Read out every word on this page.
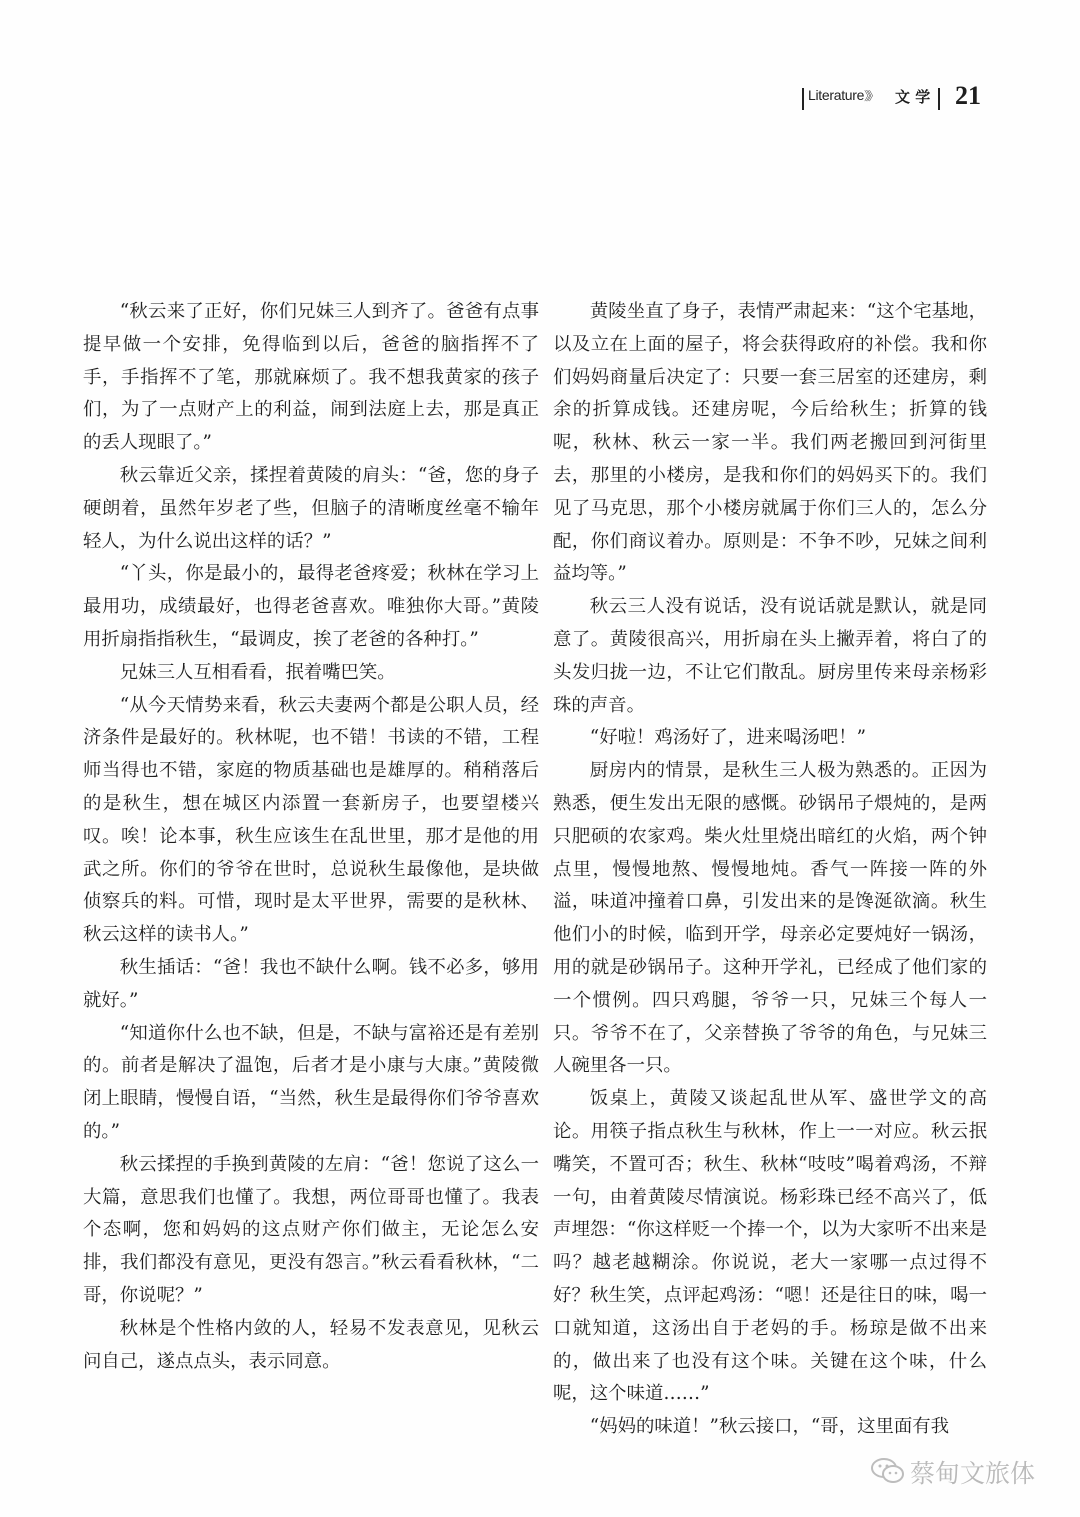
Literature》》 文 学 21

“秋云来了正好，你们兄妹三人到齐了。爸爸有点事提早做一个安排，免得临到以后，爸爸的脑指挥不了手，手指挥不了笔，那就麻烦了。我不想我黄家的孩子们，为了一点财产上的利益，闹到法庭上去，那是真正的丢人现眼了。”

秋云靠近父亲，揉捏着黄陵的肩头：“爸，您的身子硬朗着，虽然年岁老了些，但脑子的清晰度丝毫不输年轻人，为什么说出这样的话？”

“丫头，你是最小的，最得老爸疼爱；秋林在学习上最用功，成绩最好，也得老爸喜欢。唯独你大哥。”黄陵用折扇指指秋生，“最调皮，挨了老爸的各种打。”

兄妹三人互相看看，抿着嘴巴笑。

“从今天情势来看，秋云夫妻两个都是公职人员，经济条件是最好的。秋林呢，也不错！书读的不错，工程师当得也不错，家庭的物质基础也是雄厚的。稍稍落后的是秋生，想在城区内添置一套新房子，也要望楼兴叹。唉！论本事，秋生应该生在乱世里，那才是他的用武之所。你们的爷爷在世时，总说秋生最像他，是块做侦察兵的料。可惜，现时是太平世界，需要的是秋林、秋云这样的读书人。”

秋生插话：“爸！我也不缺什么啊。钱不必多，够用就好。”

“知道你什么也不缺，但是，不缺与富裕还是有差别的。前者是解决了温饱，后者才是小康与大康。”黄陵微闭上眼睛，慢慢自语，“当然，秋生是最得你们爷爷喜欢的。”

秋云揉捏的手换到黄陵的左肩：“爸！您说了这么一大篇，意思我们也懂了。我想，两位哥哥也懂了。我表个态啊，您和妈妈的这点财产你们做主，无论怎么安排，我们都没有意见，更没有怨言。”秋云看看秋林，“二哥，你说呢？”

秋林是个性格内敛的人，轻易不发表意见，见秋云问自己，遂点点头，表示同意。

黄陵坐直了身子，表情严肃起来：“这个宅基地，以及立在上面的屋子，将会获得政府的补偿。我和你们妈妈商量后决定了：只要一套三居室的还建房，剩余的折算成钱。还建房呢，今后给秋生；折算的钱呢，秋林、秋云一家一半。我们两老搬回到河街里去，那里的小楼房，是我和你们的妈妈买下的。我们见了马克思，那个小楼房就属于你们三人的，怎么分配，你们商议着办。原则是：不争不吵，兄妹之间利益均等。”

秋云三人没有说话，没有说话就是默认，就是同意了。黄陵很高兴，用折扇在头上撇弄着，将白了的头发归拢一边，不让它们散乱。厨房里传来母亲杨彩珠的声音。

“好啦！鸡汤好了，进来喝汤吧！”

厨房内的情景，是秋生三人极为熟悉的。正因为熟悉，便生发出无限的感慨。砂锅吊子煨炖的，是两只肥硕的农家鸡。柴火灶里烧出暗红的火焰，两个钟点里，慢慢地熬、慢慢地炖。香气一阵接一阵的外溢，味道冲撞着口鼻，引发出来的是馋涎欲滴。秋生他们小的时候，临到开学，母亲必定要炖好一锅汤，用的就是砂锅吊子。这种开学礼，已经成了他们家的一个惯例。四只鸡腿，爷爷一只，兄妹三个每人一只。爷爷不在了，父亲替换了爷爷的角色，与兄妹三人碗里各一只。

饭桌上，黄陵又谈起乱世从军、盛世学文的高论。用筷子指点秋生与秋林，作上一一对应。秋云抿嘴笑，不置可否；秋生、秋林“吱吱”喝着鸡汤，不辩一句，由着黄陵尽情演说。杨彩珠已经不高兴了，低声埋怨：“你这样贬一个捧一个，以为大家听不出来是吗？越老越糊涂。你说说，老大一家哪一点过得不好？秋生笑，点评起鸡汤：“嗯！还是往日的味，喝一口就知道，这汤出自于老妈的手。杨琼是做不出来的，做出来了也没有这个味。关键在这个味，什么呢，这个味道……”

“妈妈的味道！”秋云接口，“哥，这里面有我

蔡甸文旅体
